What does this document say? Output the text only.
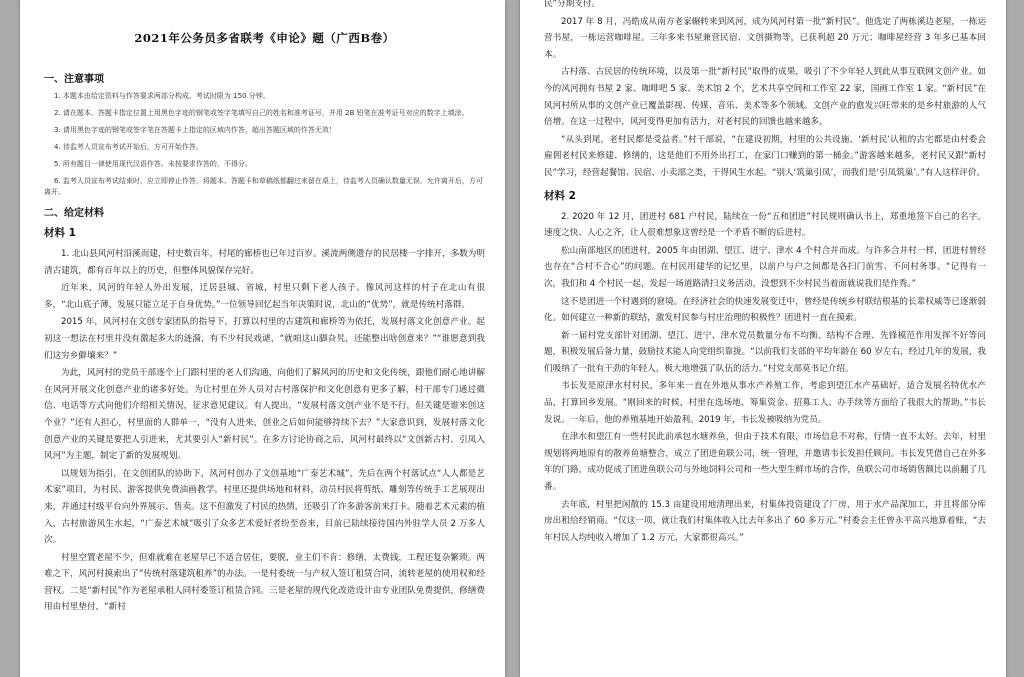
2021年公务员多省联考《申论》题（广西B卷）
一、注意事项
1. 本题本由给定资料与作答要求两部分构成。考试时限为 150 分钟。
2. 请在题本、答题卡指定位置上用黑色字迹的钢笔或签字笔填写自己的姓名和准考证号，并用 2B 铅笔在准考证号对应的数字上填涂。
3. 请用黑色字迹的钢笔或签字笔在答题卡上指定的区域内作答，超出答题区域的作答无效！
4. 待监考人员宣布考试开始后，方可开始作答。
5. 所有题目一律使用现代汉语作答。未按要求作答的，不得分。
6. 监考人员宣布考试结束时，应立即停止作答，将题本、答题卡和草稿纸都翻过来留在桌上，待监考人员确认数量无误、允许离开后，方可离开。
二、给定材料
材料 1

1. 北山县风河村沿溪而建，村史数百年，村尾的廊桥也已年过百岁。溪流两侧遗存的民居楼一字排开，多数为明清古建筑，都有百年以上的历史，但整体风貌保存完好。

近年来，风河的年轻人外出发展，迁居县城、省城，村里只剩下老人孩子。像风河这样的村子在北山有很多，“北山底子薄，发展只能立足于自身优势。”一位领导回忆起当年决策时说，北山的“优势”，就是传统村落群。

2015 年，风河村在文创专家团队的指导下，打算以村里的古建筑和廊桥等为依托，发展村落文化创意产业。起初这一想法在村里并没有激起多大的涟漪，有不少村民戏谑，“就咱这山脚旮旯，还能整出啥创意来？”“谁愿意到我们这穷乡僻壤来？”

为此，风河村的党员干部逐个上门跟村里的老人们沟通，向他们了解风河的历史和文化传统，跟他们耐心地讲解在风河开展文化创意产业的诸多好处。为让村里在外人员对古村落保护和文化创意有更多了解，村干部专门通过微信、电话等方式向他们介绍相关情况，征求意见建议。有人提出，“发展村落文创产业不是不行，但关键是谁来创这个业？”还有人担心，村里面的人群单一，“没有人进来，创业之后如何能够持续下去？”大家意识到，发展村落文化创意产业的关键是要把人引进来，尤其要引入“新村民”。在多方讨论协商之后，风河村最终以“文创新古村、引凤入风河”为主题，制定了新的发展规划。

以规划为指引，在文创团队的协助下，风河村创办了文创基地“广泰艺术城”，先后在两个村落试点“人人都是艺术家”项目，为村民、游客提供免费油画教学。村里还提供场地和材料，动员村民将剪纸、雕刻等传统手工艺展现出来，并通过村级平台向外界展示、售卖。这不但激发了村民的热情，还吸引了许多游客前来打卡。随着艺术元素的植入，古村旅游风生水起，“广泰艺术城”吸引了众多艺术爱好者纷至沓来，目前已陆续接待国内外驻学人员 2 万多人次。

村里空置老屋不少，但难就难在老屋早已不适合居住，要脱，业主们不肯：修缮，太费钱，工程还复杂繁琐。两难之下，风河村摸索出了“传统村落建筑租养”的办法。一是村委统一与产权人签订租赁合同，流转老屋的使用权和经营权。二是“新村民”作为老屋承租人同村委签订租赁合同。三是老屋的现代化改造设计由专业团队免费提供，修缮费用由村里垫付，“新村

民”分期支付。

2017 年 8 月，冯皓成从南方老家辗转来到风河，成为风河村第一批“新村民”。他选定了两栋溪边老屋，一栋运营书屋，一栋运营咖啡屋。三年多来书屋兼营民宿、文创摄物等，已获利超 20 万元；咖啡屋经营 3 年多已基本回本。

古村落、古民居的传统环境，以及第一批“新村民”取得的成果，吸引了不少年轻人到此从事互联网文创产业。如今的风河拥有书屋 2 家、咖啡吧 5 家、美术馆 2 个，艺术共享空间和工作室 22 家，国画工作室 1 家。“新村民”在风河村所从事的文创产业已覆盖影视、传媒、音乐、美术等多个领域。文创产业的愈发兴旺带来的是乡村旅游的人气倍增。在这一过程中，风河变得更加有活力，对老村民的回馈也越来越多。

“从头到尾，老村民都是受益者。”村干部说，“在建设初期，村里的公共设施、‘新村民’认租的古宅都是由村委会雇佣老村民来修建、修缮的，这是他们不用外出打工，在家门口赚到的第一桶金。”游客越来越多，老村民又跟“新村民”学习，经营起餐馆、民宿、小卖部之类，干得风生水起。“别人‘筑巢引凤’，而我们是‘引凤筑巢’。”有人这样评价。

材料 2

2. 2020 年 12 月，团进村 681 户村民，陆续在一份“五和团进”村民规则确认书上，郑重地签下自己的名字。速度之快、人心之齐，让人很难想象这曾经是一个矛盾不断的后进村。

松山南部地区的团进村，2005 年由团湖、望江、进宁、津水 4 个村合并而成。与许多合并村一样，团进村曾经也存在“合村不合心”的问题。在村民用建华的记忆里，以前户与户之间都是各扫门前雪、不问村务事。“记得有一次，我们和 4 个村民一起，发起一场道路清扫义务活动，没想到不少村民当着面就说我们是作秀。”

这不是团进一个村遇到的窘境。在经济社会的快速发展变迁中，曾经是传统乡村联结根基的长辈权威等已逐渐弱化。如何建立一种新的联结，激发村民参与村庄治理的积极性？团进村一直在摸索。

新一届村党支部针对团湖、望江、进宁、津水党员数量分布不均衡、结构不合理、先锋模范作用发挥不好等问题，积极发展后备力量，鼓励技术能人向党组织靠拢。“以前我们支部的平均年龄在 60 岁左右，经过几年的发展，我们吸纳了一批有干劲的年轻人，极大地增强了队伍的活力。”村党支部莫书记介绍。

韦长发是原津水村村民，多年来一直在外地从事水产养殖工作，考虑到望江水产基础好，适合发展名特优水产品，打算回乡发展。“刚回来的时候，村里在选场地、筹集资金、招募工人、办手续等方面给了我很大的帮助。”韦长发说。一年后，他的养殖基地开始盈利。2019 年，韦长发被吸纳为党员。

在津水和望江有一些村民此前承包水塘养鱼，但由于技术有限，市场信息不对称，行情一直不太好。去年，村里规划将两地原有的散养鱼塘整合，成立了团进鱼联公司，统一管理，并邀请韦长发担任顾问。韦长发凭借自己在外多年的门路，成功促成了团进鱼联公司与外地饲料公司和一些大型生鲜市场的合作，鱼联公司市场销售额比以前翻了几番。

去年底，村里把闲散的 15.3 亩建设用地清理出来，村集体投资建设了厂房，用于水产品深加工，并且将部分库房出租给经销商。“仅这一项，就让我们村集体收入比去年多出了 60 多万元。”村委会主任曾永平高兴地算着账，“去年村民人均纯收入增加了 1.2 万元，大家都很高兴。”
